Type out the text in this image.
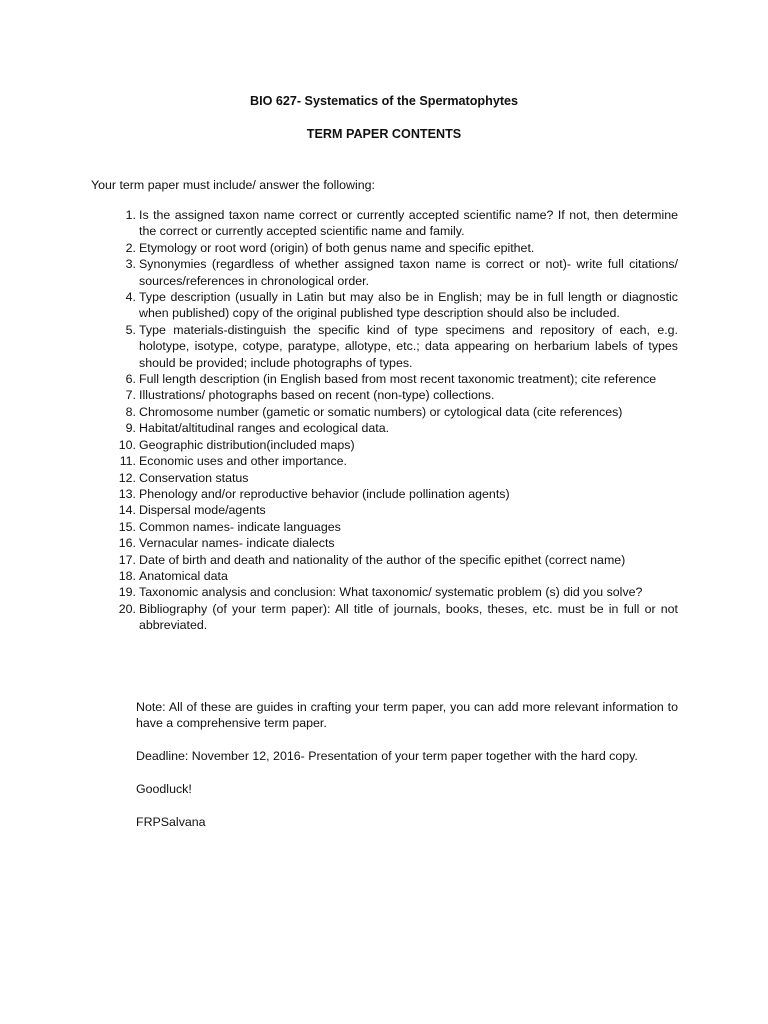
BIO 627- Systematics of the Spermatophytes
TERM PAPER CONTENTS
Your term paper must include/ answer the following:
1. Is the assigned taxon name correct or currently accepted scientific name? If not, then determine the correct or currently accepted scientific name and family.
2. Etymology or root word (origin) of both genus name and specific epithet.
3. Synonymies (regardless of whether assigned taxon name is correct or not)- write full citations/ sources/references in chronological order.
4. Type description (usually in Latin but may also be in English; may be in full length or diagnostic when published) copy of the original published type description should also be included.
5. Type materials-distinguish the specific kind of type specimens and repository of each, e.g. holotype, isotype, cotype, paratype, allotype, etc.; data appearing on herbarium labels of types should be provided; include photographs of types.
6. Full length description (in English based from most recent taxonomic treatment); cite reference
7. Illustrations/ photographs based on recent (non-type) collections.
8. Chromosome number (gametic or somatic numbers) or cytological data (cite references)
9. Habitat/altitudinal ranges and ecological data.
10. Geographic distribution(included maps)
11. Economic uses and other importance.
12. Conservation status
13. Phenology and/or reproductive behavior (include pollination agents)
14. Dispersal mode/agents
15. Common names- indicate languages
16. Vernacular names- indicate dialects
17. Date of birth and death and nationality of the author of the specific epithet (correct name)
18. Anatomical data
19. Taxonomic analysis and conclusion: What taxonomic/ systematic problem (s) did you solve?
20. Bibliography (of your term paper): All title of journals, books, theses, etc. must be in full or not abbreviated.

Note: All of these are guides in crafting your term paper, you can add more relevant information to have a comprehensive term paper.

Deadline: November 12, 2016- Presentation of your term paper together with the hard copy.

Goodluck!

FRPSalvana
